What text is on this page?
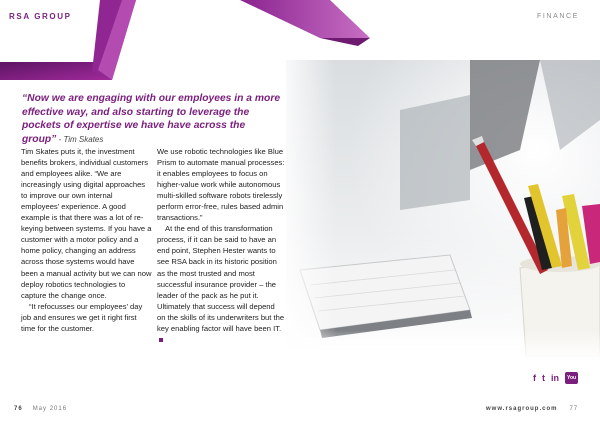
RSA GROUP	FINANCE
“Now we are engaging with our employees in a more effective way, and also starting to leverage the pockets of expertise we have have across the group” - Tim Skates

Tim Skates puts it, the investment benefits brokers, individual customers and employees alike. “We are increasingly using digital approaches to improve our own internal employees’ experience. A good example is that there was a lot of re-keying between systems. If you have a customer with a motor policy and a home policy, changing an address across those systems would have been a manual activity but we can now deploy robotics technologies to capture the change once.

“It refocusses our employees’ day job and ensures we get it right first time for the customer.

We use robotic technologies like Blue Prism to automate manual processes: it enables employees to focus on higher-value work while autonomous multi-skilled software robots tirelessly perform error-free, rules based admin transactions.”

At the end of this transformation process, if it can be said to have an end point, Stephen Hester wants to see RSA back in its historic position as the most trusted and most successful insurance provider – the leader of the pack as he put it. Ultimately that success will depend on the skills of its underwriters but the key enabling factor will have been IT.

f t in	You
76 May 2016	www.rsagroup.com 77
